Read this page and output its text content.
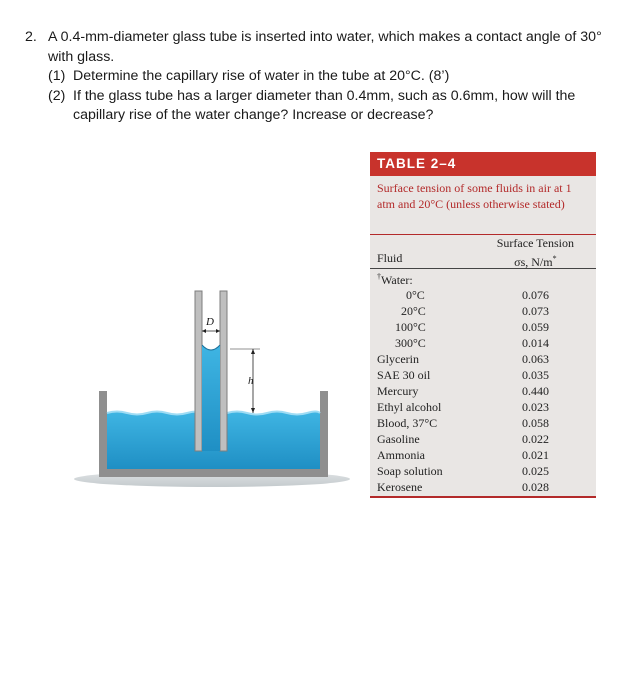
2. A 0.4-mm-diameter glass tube is inserted into water, which makes a contact angle of 30°
with glass.
(1) Determine the capillary rise of water in the tube at 20°C. (8’)
(2) If the glass tube has a larger diameter than 0.4mm, such as 0.6mm, how will the
capillary rise of the water change? Increase or decrease?
D
h
TABLE 2–4
Surface tension of some fluids in air at 1 atm and 20°C (unless otherwise stated)
Surface Tension
σs, N/m*
Fluid
†Water:
0°C	0.076
20°C	0.073
100°C	0.059
300°C	0.014
Glycerin	0.063
SAE 30 oil	0.035
Mercury	0.440
Ethyl alcohol	0.023
Blood, 37°C	0.058
Gasoline	0.022
Ammonia	0.021
Soap solution	0.025
Kerosene	0.028
